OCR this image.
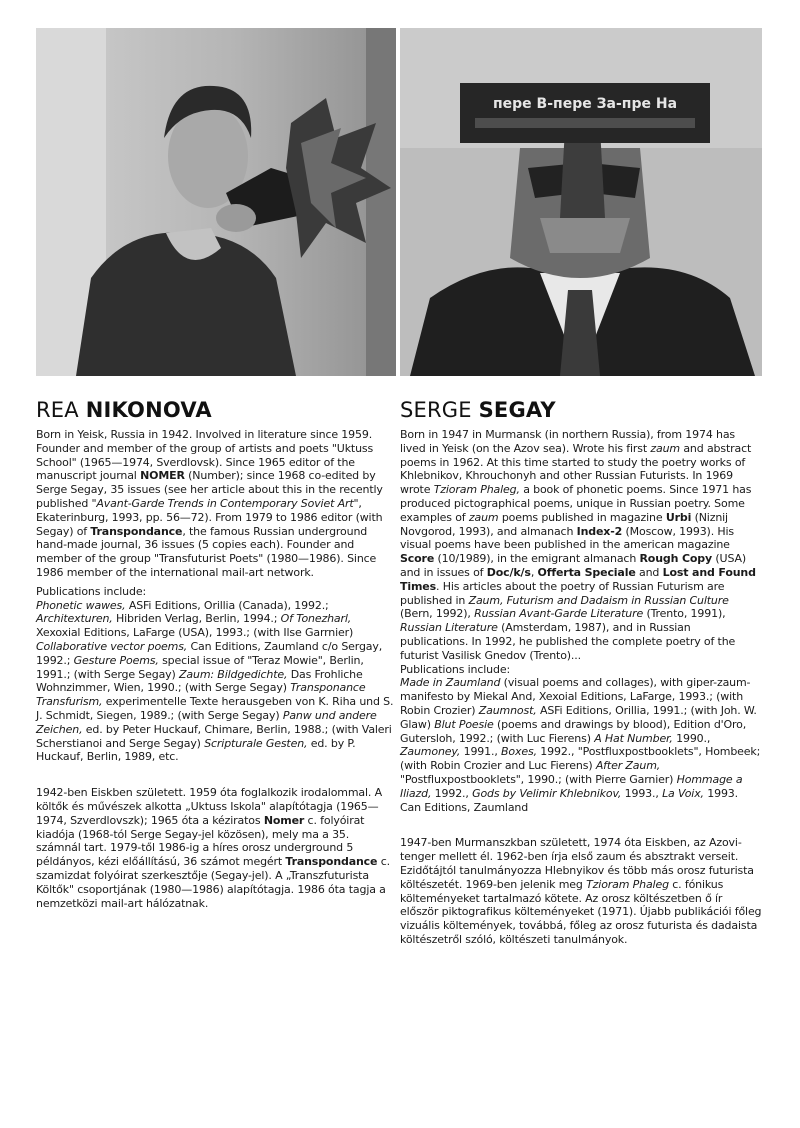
REA NIKONOVA

Born in Yeisk, Russia in 1942. Involved in literature since 1959. Founder and member of the group of artists and poets "Uktuss School" (1965—1974, Sverdlovsk). Since 1965 editor of the manuscript journal NOMER (Number); since 1968 co-edited by Serge Segay, 35 issues (see her article about this in the recently published "Avant-Garde Trends in Contemporary Soviet Art", Ekaterinburg, 1993, pp. 56—72). From 1979 to 1986 editor (with Segay) of Transpondance, the famous Russian underground hand-made journal, 36 issues (5 copies each). Founder and member of the group "Transfuturist Poets" (1980—1986). Since 1986 member of the international mail-art network.

Publications include:

Phonetic wawes, ASFi Editions, Orillia (Canada), 1992.; Architexturen, Hibriden Verlag, Berlin, 1994.; Of Tonezharl, Xexoxial Editions, LaFarge (USA), 1993.; (with Ilse Garrnier) Collaborative vector poems, Can Editions, Zaumland c/o Sergay, 1992.; Gesture Poems, special issue of "Teraz Mowie", Berlin, 1991.; (with Serge Segay) Zaum: Bildgedichte, Das Frohliche Wohnzimmer, Wien, 1990.; (with Serge Segay) Transponance Transfurism, experimentelle Texte herausgeben von K. Riha und S. J. Schmidt, Siegen, 1989.; (with Serge Segay) Panw und andere Zeichen, ed. by Peter Huckauf, Chimare, Berlin, 1988.; (with Valeri Scherstianoi and Serge Segay) Scripturale Gesten, ed. by P. Huckauf, Berlin, 1989, etc.

1942-ben Eiskben született. 1959 óta foglalkozik irodalommal. A költők és művészek alkotta „Uktuss Iskola" alapítótagja (1965—1974, Szverdlovszk); 1965 óta a kéziratos Nomer c. folyóirat kiadója (1968-tól Serge Segay-jel közösen), mely ma a 35. számnál tart. 1979-től 1986-ig a híres orosz underground 5 példányos, kézi előállítású, 36 számot megért Transpondance c. szamizdat folyóirat szerkesztője (Segay-jel). A „Transzfuturista Költők" csoportjának (1980—1986) alapítótagja. 1986 óta tagja a nemzetközi mail-art hálózatnak.

пере В-пере За-пре На
SERGE SEGAY

Born in 1947 in Murmansk (in northern Russia), from 1974 has lived in Yeisk (on the Azov sea). Wrote his first zaum and abstract poems in 1962. At this time started to study the poetry works of Khlebnikov, Khrouchonyh and other Russian Futurists. In 1969 wrote Tzioram Phaleg, a book of phonetic poems. Since 1971 has produced pictographical poems, unique in Russian poetry. Some examples of zaum poems published in magazine Urbi (Niznij Novgorod, 1993), and almanach Index-2 (Moscow, 1993). His visual poems have been published in the american magazine Score (10/1989), in the emigrant almanach Rough Copy (USA) and in issues of Doc/k/s, Offerta Speciale and Lost and Found Times. His articles about the poetry of Russian Futurism are published in Zaum, Futurism and Dadaism in Russian Culture (Bern, 1992), Russian Avant-Garde Literature (Trento, 1991), Russian Literature (Amsterdam, 1987), and in Russian publications. In 1992, he published the complete poetry of the futurist Vasilisk Gnedov (Trento)...

Publications include:

Made in Zaumland (visual poems and collages), with giper-zaum-manifesto by Miekal And, Xexoial Editions, LaFarge, 1993.; (with Robin Crozier) Zaumnost, ASFi Editions, Orillia, 1991.; (with Joh. W. Glaw) Blut Poesie (poems and drawings by blood), Edition d'Oro, Gutersloh, 1992.; (with Luc Fierens) A Hat Number, 1990., Zaumoney, 1991., Boxes, 1992., "Postfluxpostbooklets", Hombeek; (with Robin Crozier and Luc Fierens) After Zaum, "Postfluxpostbooklets", 1990.; (with Pierre Garnier) Hommage a Iliazd, 1992., Gods by Velimir Khlebnikov, 1993., La Voix, 1993. Can Editions, Zaumland

1947-ben Murmanszkban született, 1974 óta Eiskben, az Azovi-tenger mellett él. 1962-ben írja első zaum és absztrakt verseit. Ezidőtájtól tanulmányozza Hlebnyikov és több más orosz futurista költészetét. 1969-ben jelenik meg Tzioram Phaleg c. fónikus költeményeket tartalmazó kötete. Az orosz költészetben ő ír először piktografikus költeményeket (1971). Újabb publikációi főleg vizuális költemények, továbbá, főleg az orosz futurista és dadaista költészetről szóló, költészeti tanulmányok.
